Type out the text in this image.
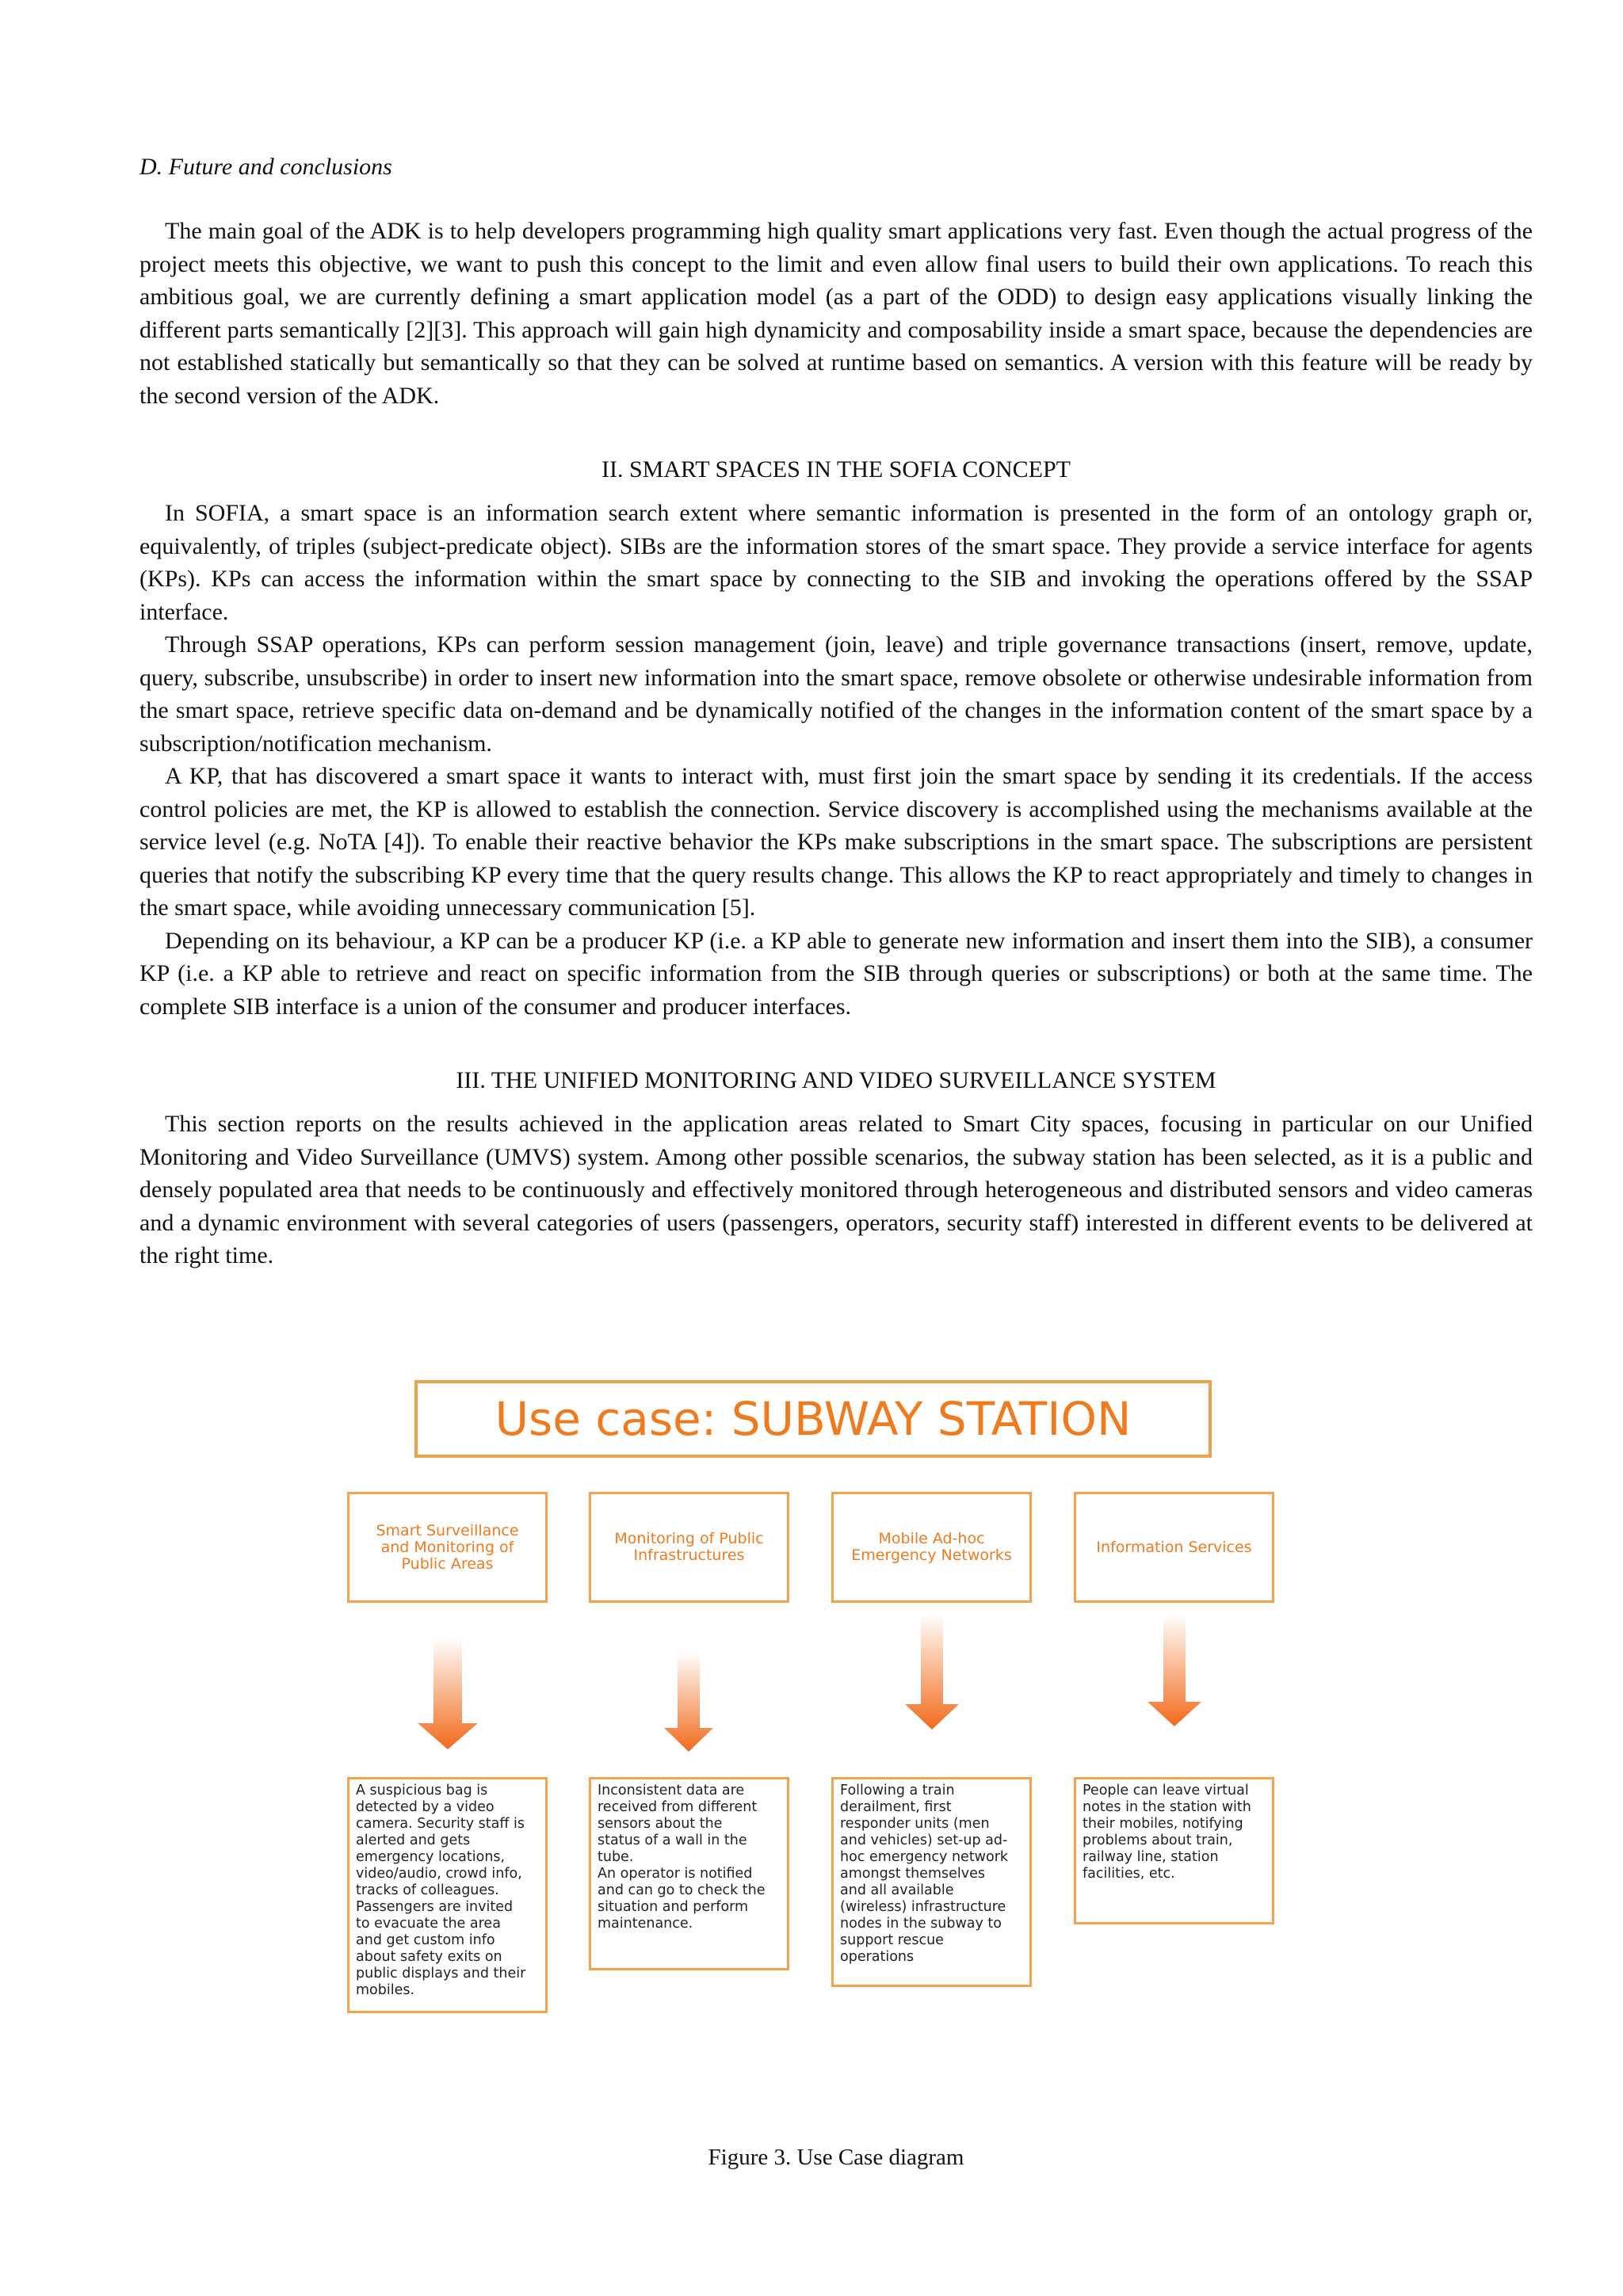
D. Future and conclusions

The main goal of the ADK is to help developers programming high quality smart applications very fast. Even though the actual progress of the project meets this objective, we want to push this concept to the limit and even allow final users to build their own applications. To reach this ambitious goal, we are currently defining a smart application model (as a part of the ODD) to design easy applications visually linking the different parts semantically [2][3]. This approach will gain high dynamicity and composability inside a smart space, because the dependencies are not established statically but semantically so that they can be solved at runtime based on semantics. A version with this feature will be ready by the second version of the ADK.

II. SMART SPACES IN THE SOFIA CONCEPT

In SOFIA, a smart space is an information search extent where semantic information is presented in the form of an ontology graph or, equivalently, of triples (subject-predicate object). SIBs are the information stores of the smart space. They provide a service interface for agents (KPs). KPs can access the information within the smart space by connecting to the SIB and invoking the operations offered by the SSAP interface.

Through SSAP operations, KPs can perform session management (join, leave) and triple governance transactions (insert, remove, update, query, subscribe, unsubscribe) in order to insert new information into the smart space, remove obsolete or otherwise undesirable information from the smart space, retrieve specific data on-demand and be dynamically notified of the changes in the information content of the smart space by a subscription/notification mechanism.

A KP, that has discovered a smart space it wants to interact with, must first join the smart space by sending it its credentials. If the access control policies are met, the KP is allowed to establish the connection. Service discovery is accomplished using the mechanisms available at the service level (e.g. NoTA [4]). To enable their reactive behavior the KPs make subscriptions in the smart space. The subscriptions are persistent queries that notify the subscribing KP every time that the query results change. This allows the KP to react appropriately and timely to changes in the smart space, while avoiding unnecessary communication [5].

Depending on its behaviour, a KP can be a producer KP (i.e. a KP able to generate new information and insert them into the SIB), a consumer KP (i.e. a KP able to retrieve and react on specific information from the SIB through queries or subscriptions) or both at the same time. The complete SIB interface is a union of the consumer and producer interfaces.

III. THE UNIFIED MONITORING AND VIDEO SURVEILLANCE SYSTEM

This section reports on the results achieved in the application areas related to Smart City spaces, focusing in particular on our Unified Monitoring and Video Surveillance (UMVS) system. Among other possible scenarios, the subway station has been selected, as it is a public and densely populated area that needs to be continuously and effectively monitored through heterogeneous and distributed sensors and video cameras and a dynamic environment with several categories of users (passengers, operators, security staff) interested in different events to be delivered at the right time.

Use case: SUBWAY STATION
Smart Surveillance
and Monitoring of
Public Areas
A suspicious bag is
detected by a video
camera. Security staff is
alerted and gets
emergency locations,
video/audio, crowd info,
tracks of colleagues.
Passengers are invited
to evacuate the area
and get custom info
about safety exits on
public displays and their
mobiles.
Monitoring of Public
Infrastructures
Inconsistent data are
received from different
sensors about the
status of a wall in the
tube.
An operator is notified
and can go to check the
situation and perform
maintenance.
Mobile Ad-hoc
Emergency Networks
Following a train
derailment, first
responder units (men
and vehicles) set-up ad-
hoc emergency network
amongst themselves
and all available
(wireless) infrastructure
nodes in the subway to
support rescue
operations
Information Services
People can leave virtual
notes in the station with
their mobiles, notifying
problems about train,
railway line, station
facilities, etc.
Figure 3. Use Case diagram
